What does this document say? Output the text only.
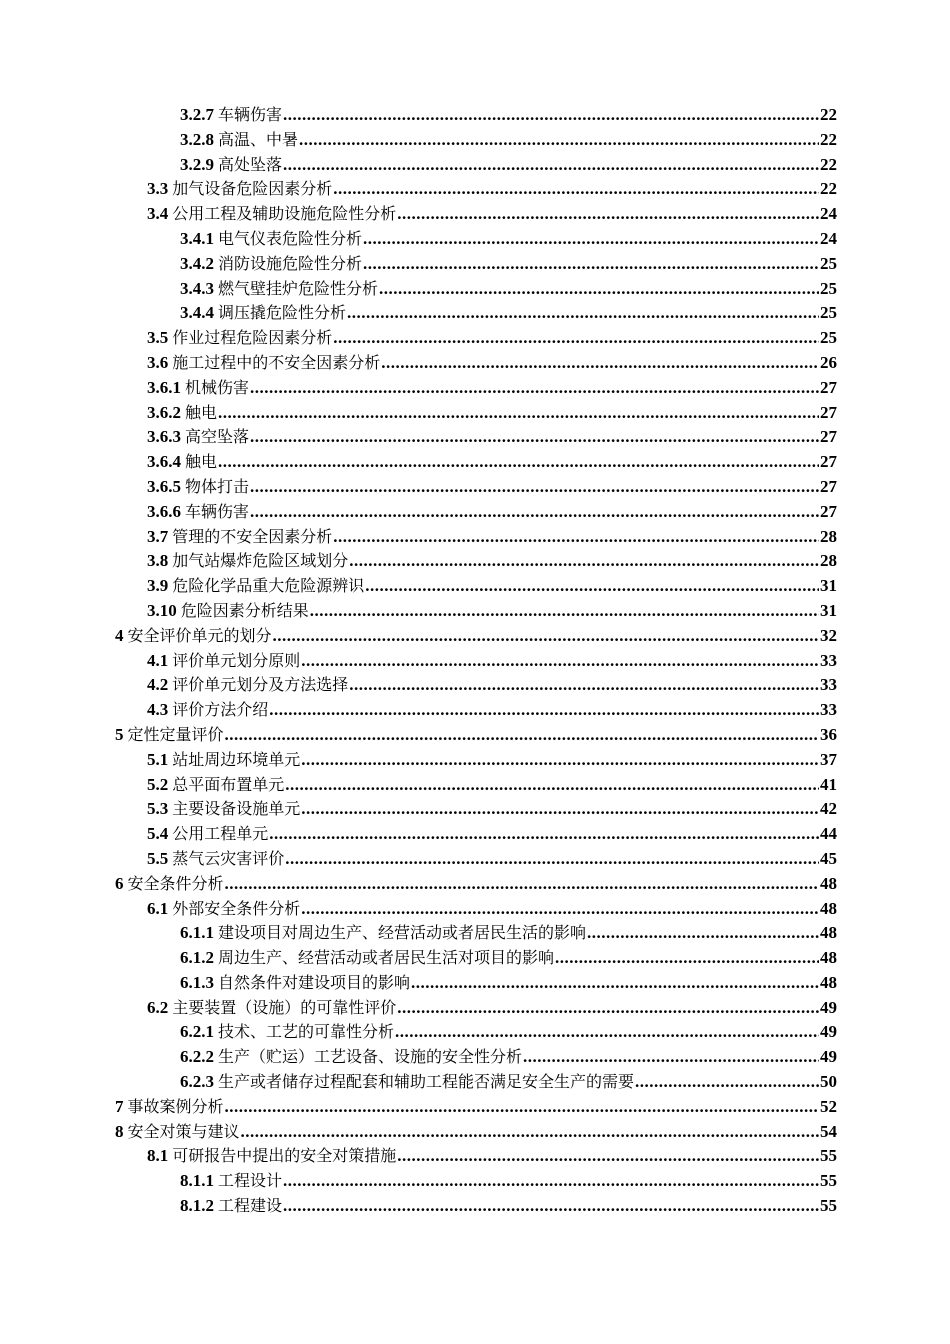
3.2.7 车辆伤害 .....	22
3.2.8 高温、中暑 .....	22
3.2.9 高处坠落 .....	22
3.3 加气设备危险因素分析 .....	22
3.4 公用工程及辅助设施危险性分析 .....	24
3.4.1 电气仪表危险性分析 .....	24
3.4.2 消防设施危险性分析 .....	25
3.4.3 燃气壁挂炉危险性分析 .....	25
3.4.4 调压撬危险性分析 .....	25
3.5 作业过程危险因素分析 .....	25
3.6 施工过程中的不安全因素分析 .....	26
3.6.1 机械伤害 .....	27
3.6.2 触电 .....	27
3.6.3 高空坠落 .....	27
3.6.4 触电 .....	27
3.6.5 物体打击 .....	27
3.6.6 车辆伤害 .....	27
3.7 管理的不安全因素分析 .....	28
3.8 加气站爆炸危险区域划分 .....	28
3.9 危险化学品重大危险源辨识 .....	31
3.10 危险因素分析结果 .....	31
4 安全评价单元的划分 .....	32
4.1 评价单元划分原则 .....	33
4.2 评价单元划分及方法选择 .....	33
4.3 评价方法介绍 .....	33
5 定性定量评价 .....	36
5.1 站址周边环境单元 .....	37
5.2 总平面布置单元 .....	41
5.3 主要设备设施单元 .....	42
5.4 公用工程单元 .....	44
5.5 蒸气云灾害评价 .....	45
6 安全条件分析 .....	48
6.1 外部安全条件分析 .....	48
6.1.1 建设项目对周边生产、经营活动或者居民生活的影响 .....	48
6.1.2 周边生产、经营活动或者居民生活对项目的影响 .....	48
6.1.3 自然条件对建设项目的影响 .....	48
6.2 主要装置（设施）的可靠性评价 .....	49
6.2.1 技术、工艺的可靠性分析 .....	49
6.2.2 生产（贮运）工艺设备、设施的安全性分析 .....	49
6.2.3 生产或者储存过程配套和辅助工程能否满足安全生产的需要 .....	50
7 事故案例分析 .....	52
8 安全对策与建议 .....	54
8.1 可研报告中提出的安全对策措施 .....	55
8.1.1 工程设计 .....	55
8.1.2 工程建设 .....	55
